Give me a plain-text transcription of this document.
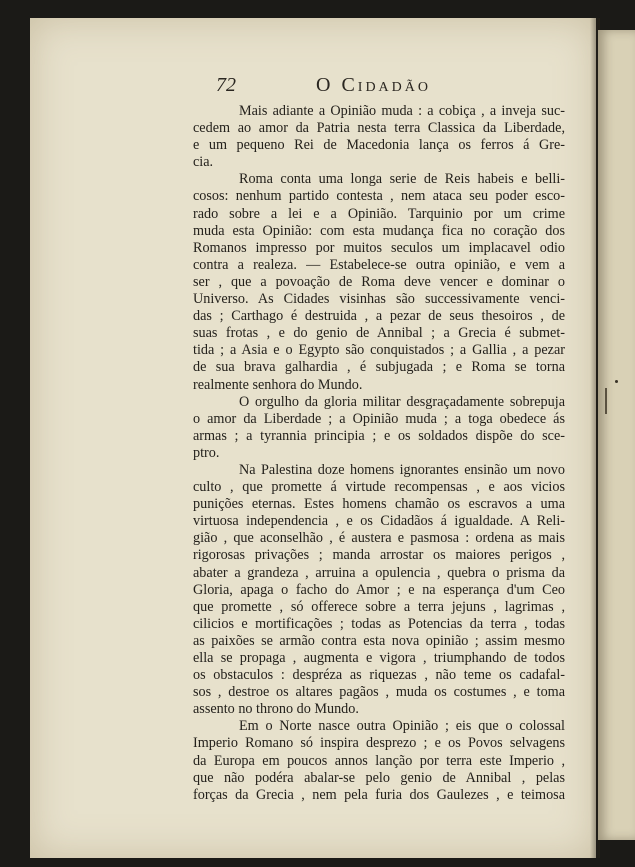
72	O Cidadão
Mais adiante a Opinião muda : a cobiça , a inveja suc-
cedem ao amor da Patria nesta terra Classica da Liberdade,
e um pequeno Rei de Macedonia lança os ferros á Gre-
cia.
Roma conta uma longa serie de Reis habeis e belli-
cosos: nenhum partido contesta , nem ataca seu poder esco-
rado sobre a lei e a Opinião. Tarquinio por um crime
muda esta Opinião: com esta mudança fica no coração dos
Romanos impresso por muitos seculos um implacavel odio
contra a realeza. — Estabelece-se outra opinião, e vem a
ser , que a povoação de Roma deve vencer e dominar o
Universo. As Cidades visinhas são successivamente venci-
das ; Carthago é destruida , a pezar de seus thesoiros , de
suas frotas , e do genio de Annibal ; a Grecia é submet-
tida ; a Asia e o Egypto são conquistados ; a Gallia , a pezar
de sua brava galhardia , é subjugada ; e Roma se torna
realmente senhora do Mundo.
O orgulho da gloria militar desgraçadamente sobrepuja
o amor da Liberdade ; a Opinião muda ; a toga obedece ás
armas ; a tyrannia principia ; e os soldados dispõe do sce-
ptro.
Na Palestina doze homens ignorantes ensinão um novo
culto , que promette á virtude recompensas , e aos vicios
punições eternas. Estes homens chamão os escravos a uma
virtuosa independencia , e os Cidadãos á igualdade. A Reli-
gião , que aconselhão , é austera e pasmosa : ordena as mais
rigorosas privações ; manda arrostar os maiores perigos ,
abater a grandeza , arruina a opulencia , quebra o prisma da
Gloria, apaga o facho do Amor ; e na esperança d'um Ceo
que promette , só offerece sobre a terra jejuns , lagrimas ,
cilicios e mortificações ; todas as Potencias da terra , todas
as paixões se armão contra esta nova opinião ; assim mesmo
ella se propaga , augmenta e vigora , triumphando de todos
os obstaculos : despréza as riquezas , não teme os cadafal-
sos , destroe os altares pagãos , muda os costumes , e toma
assento no throno do Mundo.
Em o Norte nasce outra Opinião ; eis que o colossal
Imperio Romano só inspira desprezo ; e os Povos selvagens
da Europa em poucos annos lanção por terra este Imperio ,
que não podéra abalar-se pelo genio de Annibal , pelas
forças da Grecia , nem pela furia dos Gaulezes , e teimosa
